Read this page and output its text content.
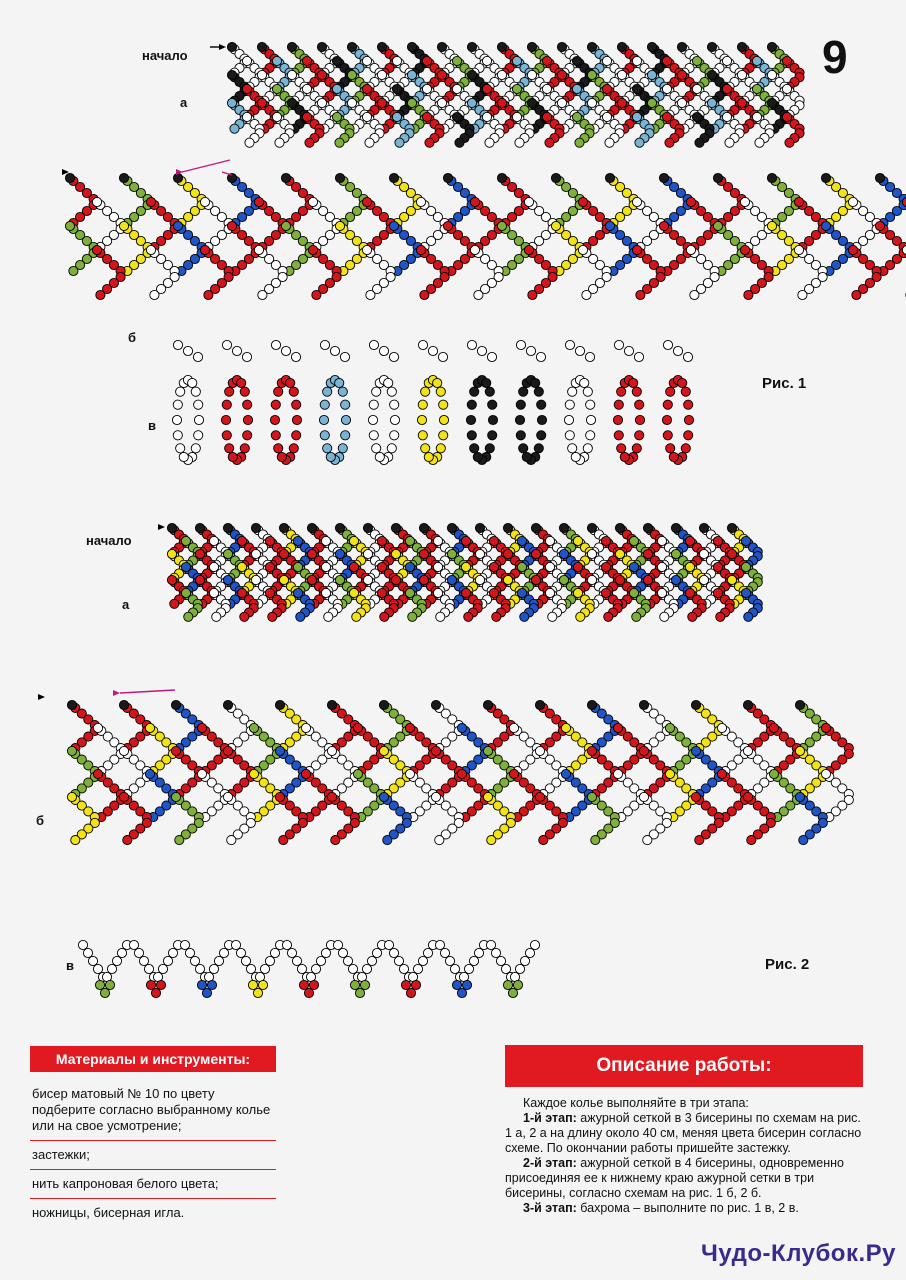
9
начало
а
б
в
Рис. 1
начало
а
б
в	Рис. 2
Материалы и инструменты:
бисер матовый № 10 по цвету подберите согласно выбранному колье или на свое усмотрение;
застежки;
нить капроновая белого цвета;
ножницы, бисерная игла.
Описание работы:

Каждое колье выполняйте в три этапа:

1-й этап: ажурной сеткой в 3 бисерины по схемам на рис. 1 а, 2 а на длину около 40 см, меняя цвета бисерин согласно схеме. По окончании работы пришейте застежку.

2-й этап: ажурной сеткой в 4 бисерины, одновременно присоединяя ее к нижнему краю ажурной сетки в три бисерины, согласно схемам на рис. 1 б, 2 б.

3-й этап: бахрома – выполните по рис. 1 в, 2 в.

Чудо-Клубок.Ру
